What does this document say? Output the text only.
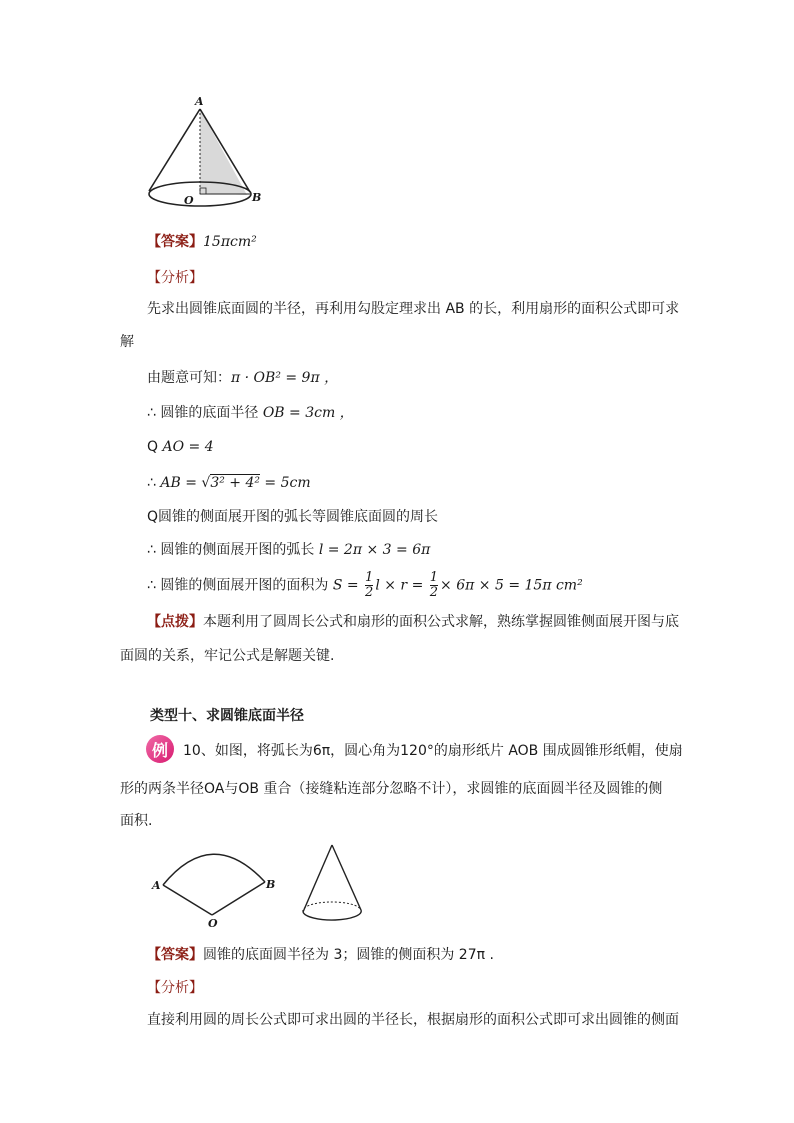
A
O	B
【答案】15πcm²
【分析】
先求出圆锥底面圆的半径，再利用勾股定理求出 AB 的长，利用扇形的面积公式即可求
解
由题意可知：π · OB² = 9π ，
∴ 圆锥的底面半径 OB = 3cm ，
Q AO = 4
∴ AB = √3² + 4² = 5cm
Q圆锥的侧面展开图的弧长等圆锥底面圆的周长
∴ 圆锥的侧面展开图的弧长 l = 2π × 3 = 6π
∴ 圆锥的侧面展开图的面积为 $S = \frac{1}{2}$ $l \times r = \frac{1}{2} \times 6\pi \times 5 = 15\pi$ cm²
【点拨】本题利用了圆周长公式和扇形的面积公式求解，熟练掌握圆锥侧面展开图与底
面圆的关系，牢记公式是解题关键.
类型十、求圆锥底面半径
例	10、如图，将弧长为6π，圆心角为120°的扇形纸片 AOB 围成圆锥形纸帽，使扇
形的两条半径OA与OB 重合（接缝粘连部分忽略不计），求圆锥的底面圆半径及圆锥的侧
面积.
A	B
O
【答案】圆锥的底面圆半径为 3；圆锥的侧面积为 27π .
【分析】
直接利用圆的周长公式即可求出圆的半径长，根据扇形的面积公式即可求出圆锥的侧面
